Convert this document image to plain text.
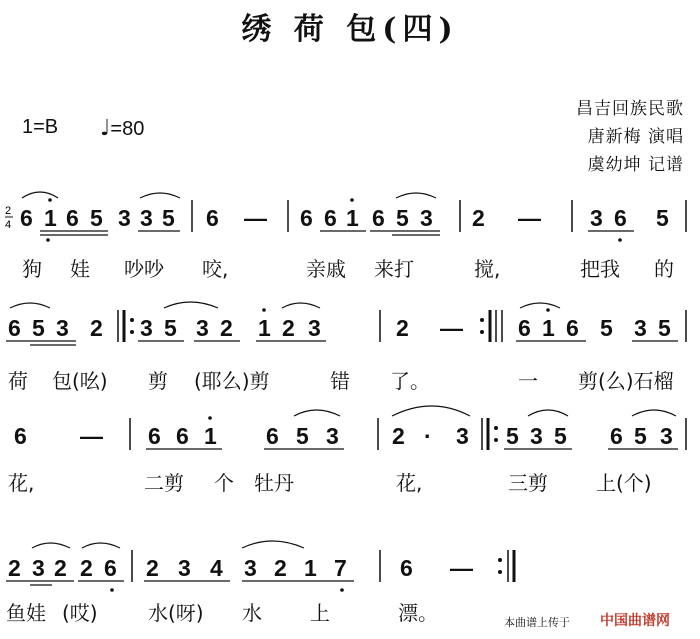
绣 荷 包(四)
1=B ♩=80
昌吉回族民歌
唐新梅 演唱
虞幼坤 记谱
2
4 6 1 6 5 3 3 5 6 — 6 6 1 6 5 3 2 — 3 6 5
狗 娃 吵吵 咬,	亲戚 来打	搅,	把我 的
6 5 3 2 3 5 3 2 1 2 3	2 — 6 1 6 5 3 5
荷 包(吆) 剪 (耶么)剪	错 了。	一 剪(么)石榴
6 — 6 6 1 6 5 3 2 · 3 5 3 5 6 5 3
花,	二剪 个 牡丹	花,	三剪 上(个)
2 3 2 2 6 2 3 4 3 2 1 7 6 —
鱼娃 (哎)	水(呀) 水 上	漂。	本曲谱上传于 中国曲谱网
